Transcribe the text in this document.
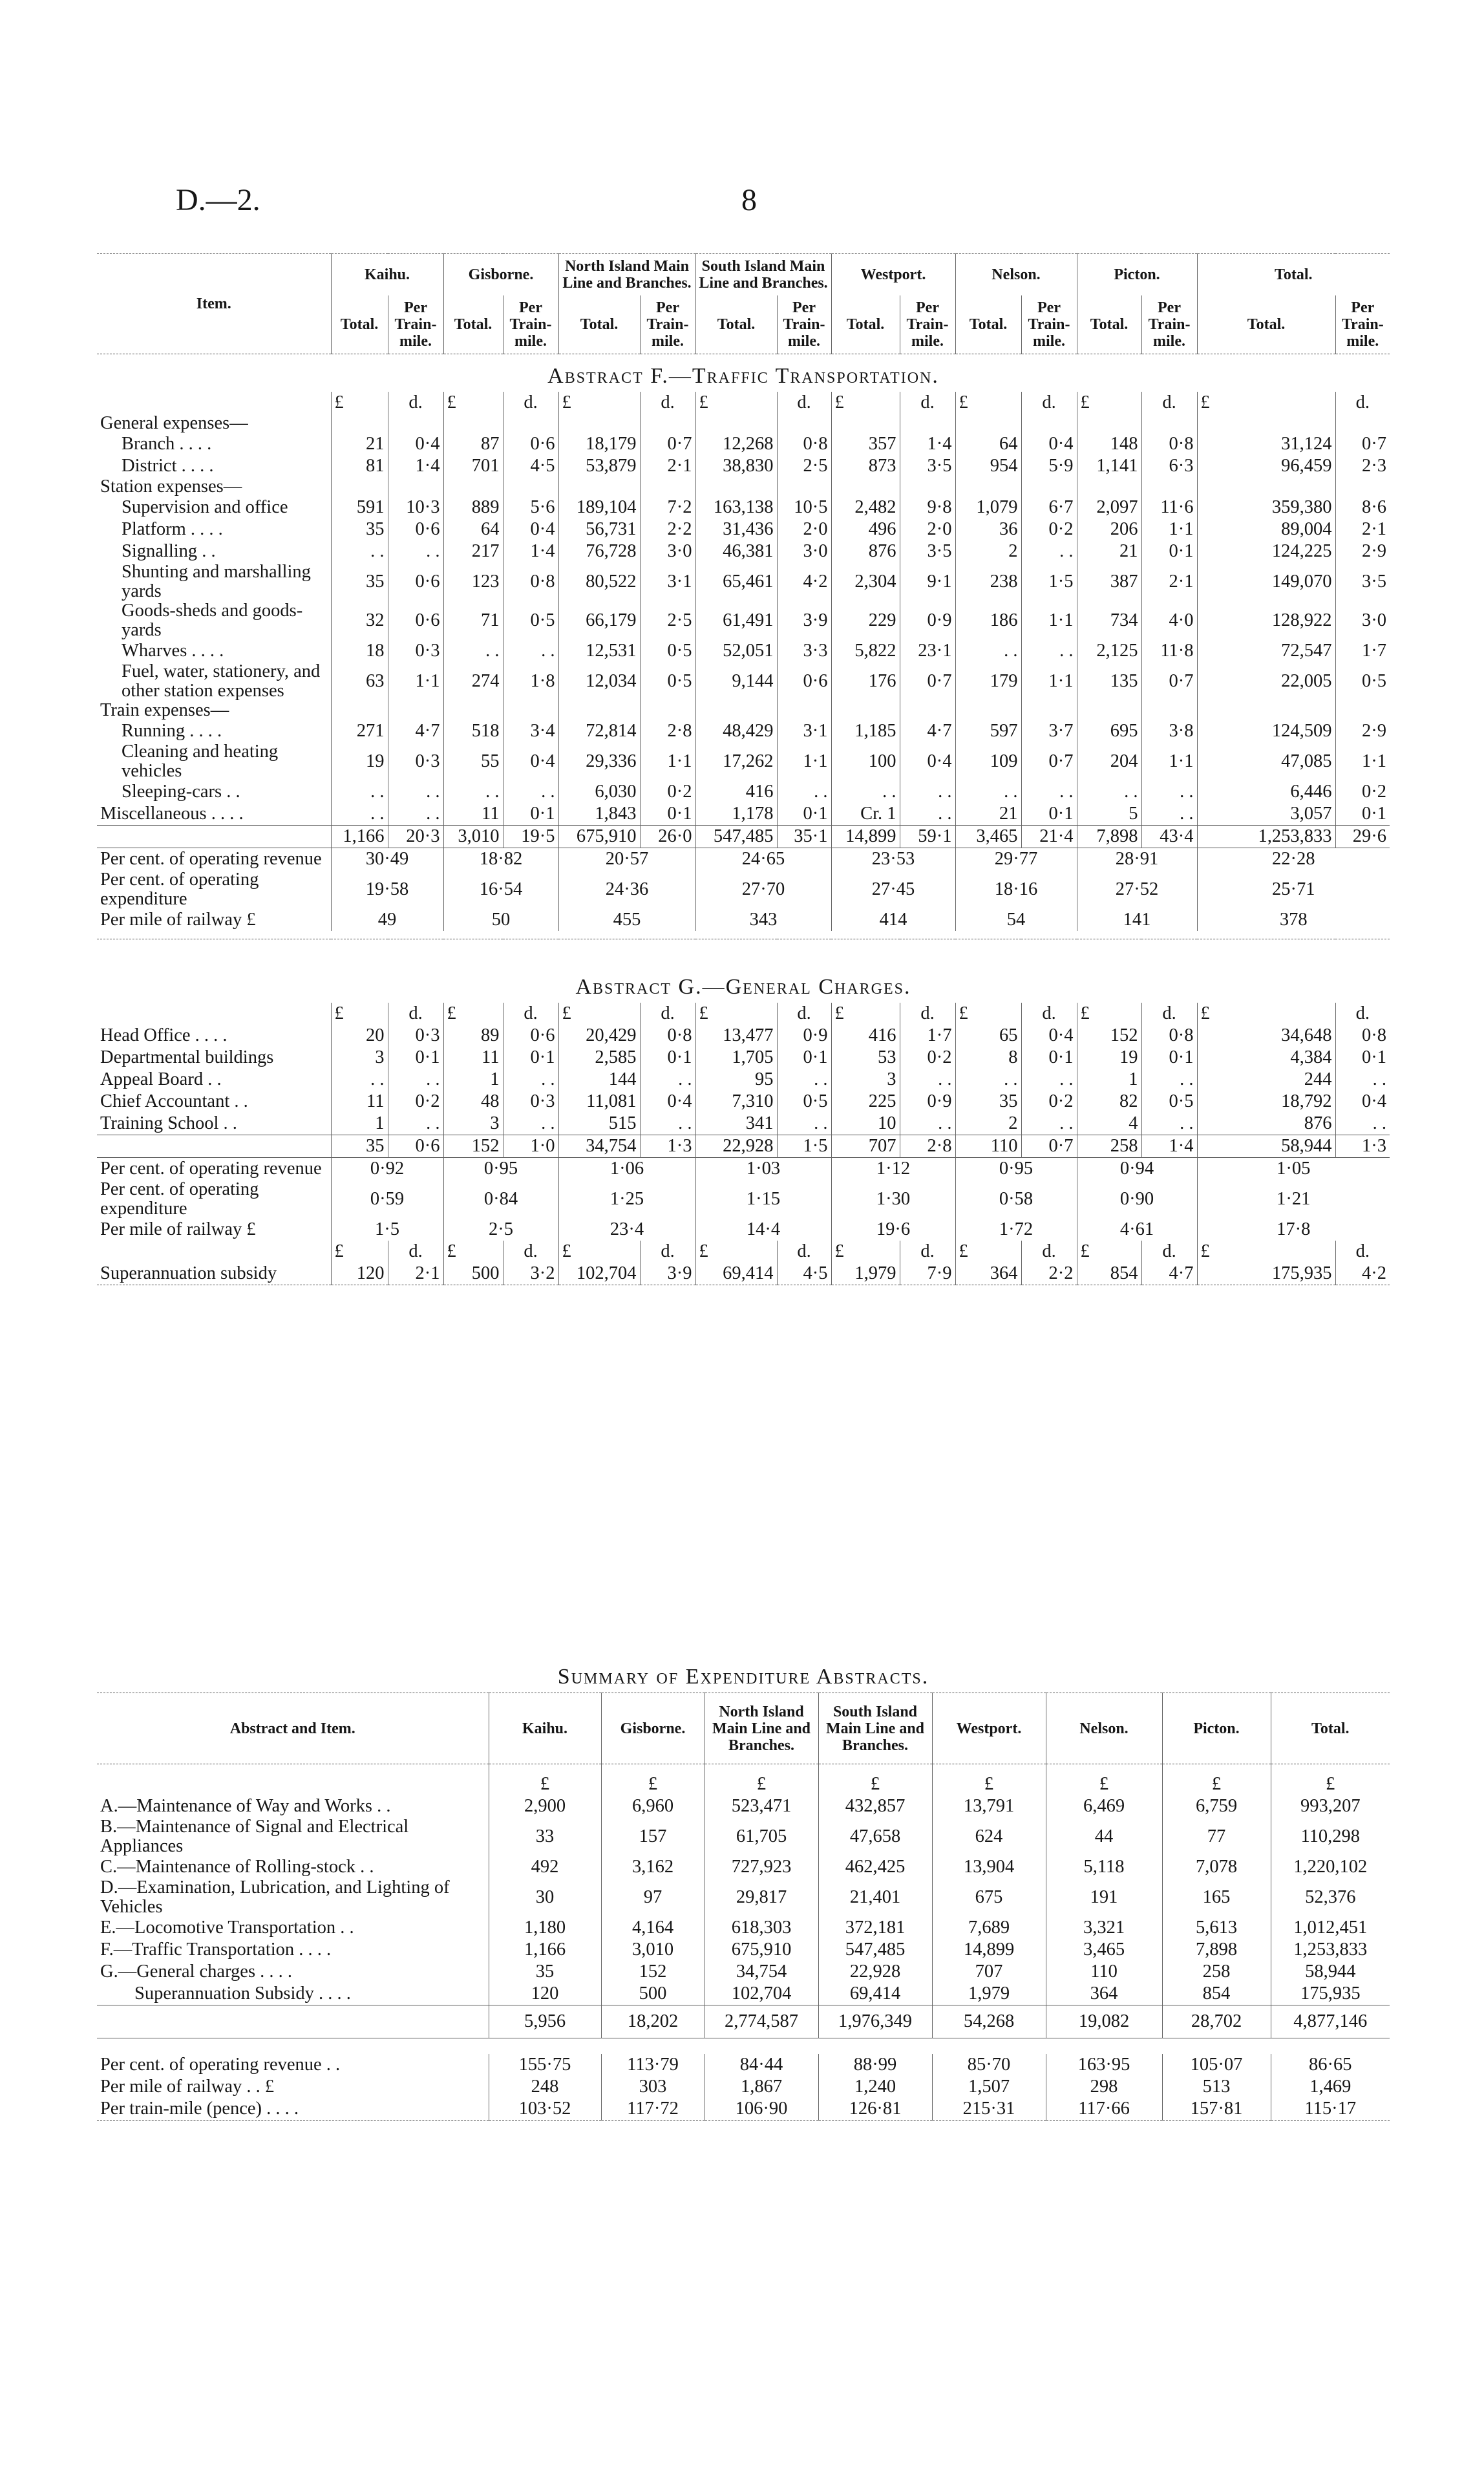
D.—2.	8
Item.	Kaihu.		Gisborne.		North Island Main Line and Branches.		South Island Main Line and Branches.		Westport.		Nelson.		Picton.		Total.	
	Total.	Per Train-mile.	Total.	Per Train-mile.	Total.	Per Train-mile.	Total.	Per Train-mile.	Total.	Per Train-mile.	Total.	Per Train-mile.	Total.	Per Train-mile.	Total.	Per Train-mile.
Abstract F.—Traffic Transportation.																
	£	d.	£	d.	£	d.	£	d.	£	d.	£	d.	£	d.	£	d.
General expenses—																
Branch . . . .	21	0·4	87	0·6	18,179	0·7	12,268	0·8	357	1·4	64	0·4	148	0·8	31,124	0·7
District . . . .	81	1·4	701	4·5	53,879	2·1	38,830	2·5	873	3·5	954	5·9	1,141	6·3	96,459	2·3
Station expenses—																
Supervision and office	591	10·3	889	5·6	189,104	7·2	163,138	10·5	2,482	9·8	1,079	6·7	2,097	11·6	359,380	8·6
Platform . . . .	35	0·6	64	0·4	56,731	2·2	31,436	2·0	496	2·0	36	0·2	206	1·1	89,004	2·1
Signalling . .	. .	. .	217	1·4	76,728	3·0	46,381	3·0	876	3·5	2	. .	21	0·1	124,225	2·9
Shunting and marshalling yards	35	0·6	123	0·8	80,522	3·1	65,461	4·2	2,304	9·1	238	1·5	387	2·1	149,070	3·5
Goods-sheds and goods-yards	32	0·6	71	0·5	66,179	2·5	61,491	3·9	229	0·9	186	1·1	734	4·0	128,922	3·0
Wharves . . . .	18	0·3	. .	. .	12,531	0·5	52,051	3·3	5,822	23·1	. .	. .	2,125	11·8	72,547	1·7
Fuel, water, stationery, and other station expenses	63	1·1	274	1·8	12,034	0·5	9,144	0·6	176	0·7	179	1·1	135	0·7	22,005	0·5
Train expenses—																
Running . . . .	271	4·7	518	3·4	72,814	2·8	48,429	3·1	1,185	4·7	597	3·7	695	3·8	124,509	2·9
Cleaning and heating vehicles	19	0·3	55	0·4	29,336	1·1	17,262	1·1	100	0·4	109	0·7	204	1·1	47,085	1·1
Sleeping-cars . .	. .	. .	. .	. .	6,030	0·2	416	. .	. .	. .	. .	. .	. .	. .	6,446	0·2
Miscellaneous . . . .	. .	. .	11	0·1	1,843	0·1	1,178	0·1	Cr. 1	. .	21	0·1	5	. .	3,057	0·1
	1,166	20·3	3,010	19·5	675,910	26·0	547,485	35·1	14,899	59·1	3,465	21·4	7,898	43·4	1,253,833	29·6
Per cent. of operating revenue	30·49		18·82		20·57		24·65		23·53		29·77		28·91		22·28	
Per cent. of operating expenditure	19·58		16·54		24·36		27·70		27·45		18·16		27·52		25·71	
Per mile of railway £	49		50		455		343		414		54		141		378	

Abstract G.—General Charges.																
	£	d.	£	d.	£	d.	£	d.	£	d.	£	d.	£	d.	£	d.
Head Office . . . .	20	0·3	89	0·6	20,429	0·8	13,477	0·9	416	1·7	65	0·4	152	0·8	34,648	0·8
Departmental buildings	3	0·1	11	0·1	2,585	0·1	1,705	0·1	53	0·2	8	0·1	19	0·1	4,384	0·1
Appeal Board . .	. .	. .	1	. .	144	. .	95	. .	3	. .	. .	. .	1	. .	244	. .
Chief Accountant . .	11	0·2	48	0·3	11,081	0·4	7,310	0·5	225	0·9	35	0·2	82	0·5	18,792	0·4
Training School . .	1	. .	3	. .	515	. .	341	. .	10	. .	2	. .	4	. .	876	. .
	35	0·6	152	1·0	34,754	1·3	22,928	1·5	707	2·8	110	0·7	258	1·4	58,944	1·3
Per cent. of operating revenue	0·92		0·95		1·06		1·03		1·12		0·95		0·94		1·05	
Per cent. of operating expenditure	0·59		0·84		1·25		1·15		1·30		0·58		0·90		1·21	
Per mile of railway £	1·5		2·5		23·4		14·4		19·6		1·72		4·61		17·8	
	£	d.	£	d.	£	d.	£	d.	£	d.	£	d.	£	d.	£	d.
Superannuation subsidy	120	2·1	500	3·2	102,704	3·9	69,414	4·5	1,979	7·9	364	2·2	854	4·7	175,935	4·2
Summary of Expenditure Abstracts.
Abstract and Item.	Kaihu.	Gisborne.	North Island Main Line and Branches.	South Island Main Line and Branches.	Westport.	Nelson.	Picton.	Total.
	£	£	£	£	£	£	£	£
A.—Maintenance of Way and Works . .	2,900	6,960	523,471	432,857	13,791	6,469	6,759	993,207
B.—Maintenance of Signal and Electrical Appliances	33	157	61,705	47,658	624	44	77	110,298
C.—Maintenance of Rolling-stock . .	492	3,162	727,923	462,425	13,904	5,118	7,078	1,220,102
D.—Examination, Lubrication, and Lighting of Vehicles	30	97	29,817	21,401	675	191	165	52,376
E.—Locomotive Transportation . .	1,180	4,164	618,303	372,181	7,689	3,321	5,613	1,012,451
F.—Traffic Transportation . . . .	1,166	3,010	675,910	547,485	14,899	3,465	7,898	1,253,833
G.—General charges . . . .	35	152	34,754	22,928	707	110	258	58,944
Superannuation Subsidy . . . .	120	500	102,704	69,414	1,979	364	854	175,935
	5,956	18,202	2,774,587	1,976,349	54,268	19,082	28,702	4,877,146

Per cent. of operating revenue . .	155·75	113·79	84·44	88·99	85·70	163·95	105·07	86·65
Per mile of railway . . £	248	303	1,867	1,240	1,507	298	513	1,469
Per train-mile (pence) . . . .	103·52	117·72	106·90	126·81	215·31	117·66	157·81	115·17
